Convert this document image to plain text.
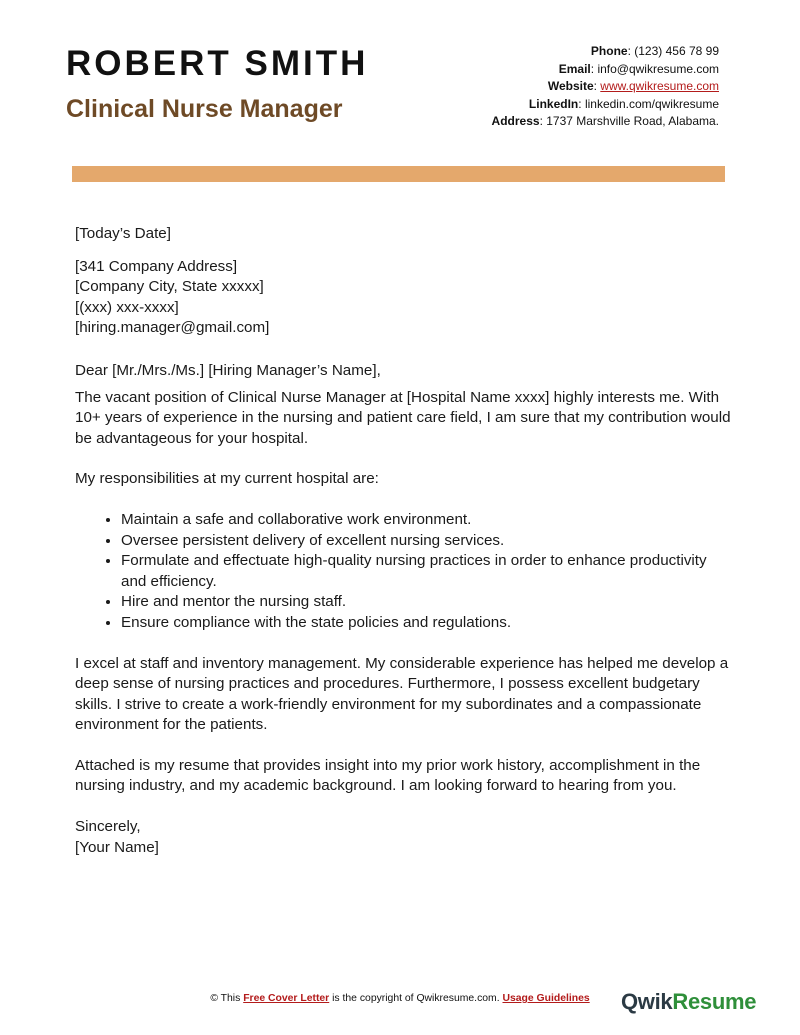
ROBERT SMITH
Clinical Nurse Manager
Phone: (123) 456 78 99
Email: info@qwikresume.com
Website: www.qwikresume.com
LinkedIn: linkedin.com/qwikresume
Address: 1737 Marshville Road, Alabama.

[Today’s Date]

[341 Company Address]

[Company City, State xxxxx]

[(xxx) xxx-xxxx]

[hiring.manager@gmail.com]

Dear [Mr./Mrs./Ms.] [Hiring Manager’s Name],

The vacant position of Clinical Nurse Manager at [Hospital Name xxxx] highly interests me. With 10+ years of experience in the nursing and patient care field, I am sure that my contribution would be advantageous for your hospital.

My responsibilities at my current hospital are:

• Maintain a safe and collaborative work environment.
• Oversee persistent delivery of excellent nursing services.
• Formulate and effectuate high-quality nursing practices in order to enhance productivity and efficiency.
• Hire and mentor the nursing staff.
• Ensure compliance with the state policies and regulations.

I excel at staff and inventory management. My considerable experience has helped me develop a deep sense of nursing practices and procedures. Furthermore, I possess excellent budgetary skills. I strive to create a work-friendly environment for my subordinates and a compassionate environment for the patients.

Attached is my resume that provides insight into my prior work history, accomplishment in the nursing industry, and my academic background. I am looking forward to hearing from you.

Sincerely,

[Your Name]

© This Free Cover Letter is the copyright of Qwikresume.com. Usage Guidelines	QwikResume
